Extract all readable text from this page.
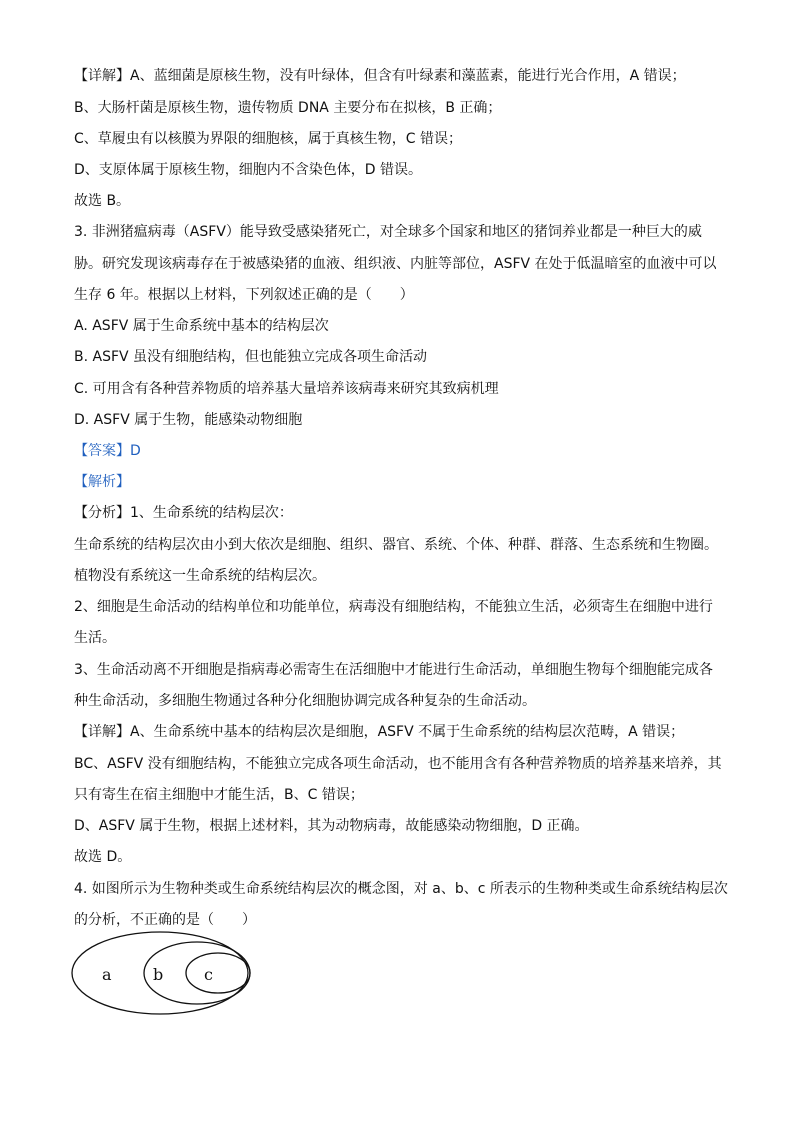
【详解】A、蓝细菌是原核生物，没有叶绿体，但含有叶绿素和藻蓝素，能进行光合作用，A 错误；
B、大肠杆菌是原核生物，遗传物质 DNA 主要分布在拟核，B 正确；
C、草履虫有以核膜为界限的细胞核，属于真核生物，C 错误；
D、支原体属于原核生物，细胞内不含染色体，D 错误。
故选 B。
3. 非洲猪瘟病毒（ASFV）能导致受感染猪死亡，对全球多个国家和地区的猪饲养业都是一种巨大的威
胁。研究发现该病毒存在于被感染猪的血液、组织液、内脏等部位，ASFV 在处于低温暗室的血液中可以
生存 6 年。根据以上材料，下列叙述正确的是（　　）
A. ASFV 属于生命系统中基本的结构层次
B. ASFV 虽没有细胞结构，但也能独立完成各项生命活动
C. 可用含有各种营养物质的培养基大量培养该病毒来研究其致病机理
D. ASFV 属于生物，能感染动物细胞
【答案】D
【解析】
【分析】1、生命系统的结构层次：
生命系统的结构层次由小到大依次是细胞、组织、器官、系统、个体、种群、群落、生态系统和生物圈。
植物没有系统这一生命系统的结构层次。
2、细胞是生命活动的结构单位和功能单位，病毒没有细胞结构，不能独立生活，必须寄生在细胞中进行
生活。
3、生命活动离不开细胞是指病毒必需寄生在活细胞中才能进行生命活动，单细胞生物每个细胞能完成各
种生命活动，多细胞生物通过各种分化细胞协调完成各种复杂的生命活动。
【详解】A、生命系统中基本的结构层次是细胞，ASFV 不属于生命系统的结构层次范畴，A 错误；
BC、ASFV 没有细胞结构，不能独立完成各项生命活动，也不能用含有各种营养物质的培养基来培养，其
只有寄生在宿主细胞中才能生活，B、C 错误；
D、ASFV 属于生物，根据上述材料，其为动物病毒，故能感染动物细胞，D 正确。
故选 D。
4. 如图所示为生物种类或生命系统结构层次的概念图，对 a、b、c 所表示的生物种类或生命系统结构层次
的分析，不正确的是（　　）
a	b	c
